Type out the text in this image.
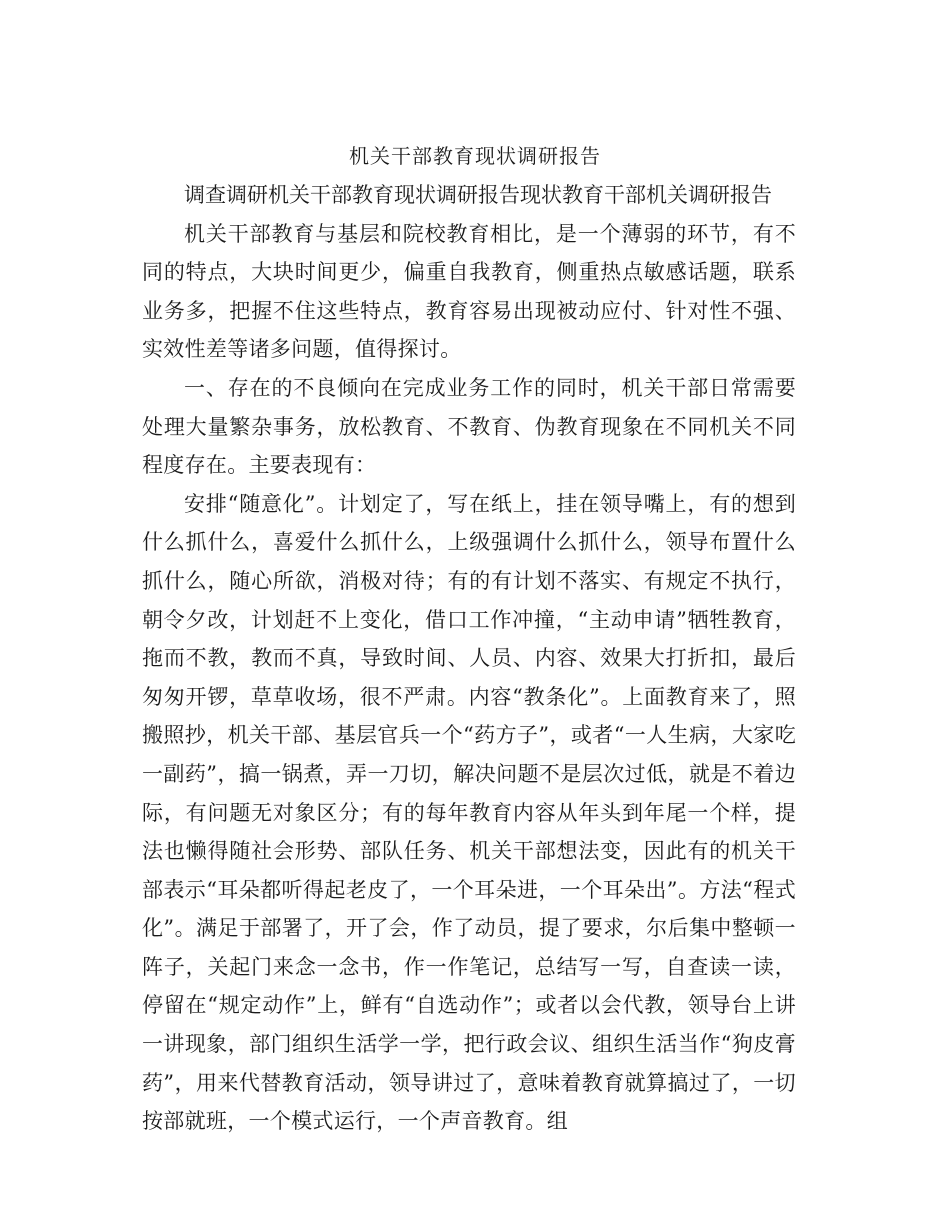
机关干部教育现状调研报告

调查调研机关干部教育现状调研报告现状教育干部机关调研报告

机关干部教育与基层和院校教育相比，是一个薄弱的环节，有不同的特点，大块时间更少，偏重自我教育，侧重热点敏感话题，联系业务多，把握不住这些特点，教育容易出现被动应付、针对性不强、实效性差等诸多问题，值得探讨。

一、存在的不良倾向在完成业务工作的同时，机关干部日常需要处理大量繁杂事务，放松教育、不教育、伪教育现象在不同机关不同程度存在。主要表现有：

安排“随意化”。计划定了，写在纸上，挂在领导嘴上，有的想到什么抓什么，喜爱什么抓什么，上级强调什么抓什么，领导布置什么抓什么，随心所欲，消极对待；有的有计划不落实、有规定不执行，朝令夕改，计划赶不上变化，借口工作冲撞，“主动申请”牺牲教育，拖而不教，教而不真，导致时间、人员、内容、效果大打折扣，最后匆匆开锣，草草收场，很不严肃。内容“教条化”。上面教育来了，照搬照抄，机关干部、基层官兵一个“药方子”，或者“一人生病，大家吃一副药”，搞一锅煮，弄一刀切，解决问题不是层次过低，就是不着边际，有问题无对象区分；有的每年教育内容从年头到年尾一个样，提法也懒得随社会形势、部队任务、机关干部想法变，因此有的机关干部表示“耳朵都听得起老皮了，一个耳朵进，一个耳朵出”。方法“程式化”。满足于部署了，开了会，作了动员，提了要求，尔后集中整顿一阵子，关起门来念一念书，作一作笔记，总结写一写，自查读一读，停留在“规定动作”上，鲜有“自选动作”；或者以会代教，领导台上讲一讲现象，部门组织生活学一学，把行政会议、组织生活当作“狗皮膏药”，用来代替教育活动，领导讲过了，意味着教育就算搞过了，一切按部就班，一个模式运行，一个声音教育。组
